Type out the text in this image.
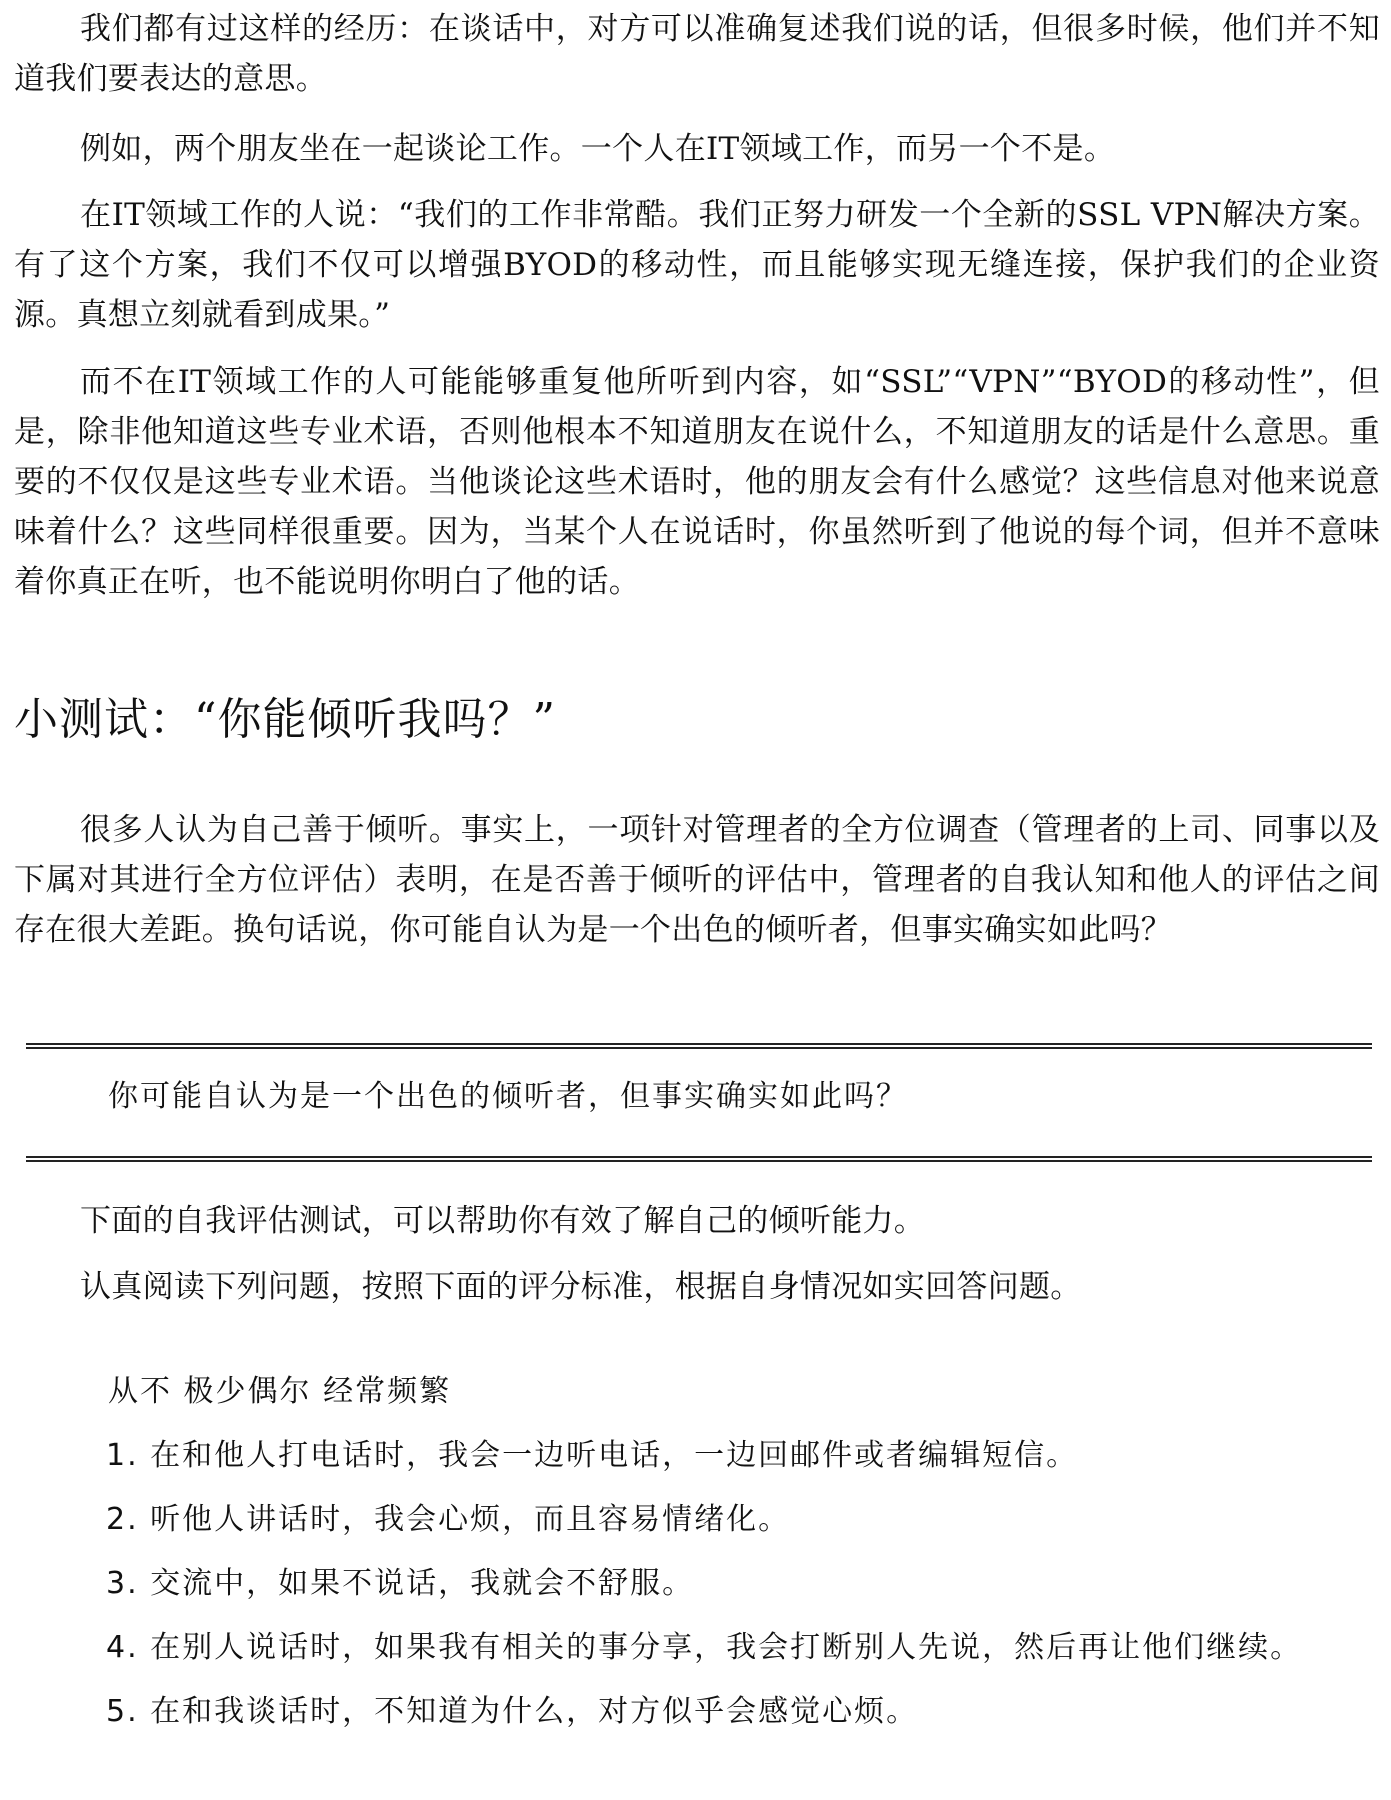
我们都有过这样的经历：在谈话中，对方可以准确复述我们说的话，但很多时候，他们并不知道我们要表达的意思。

例如，两个朋友坐在一起谈论工作。一个人在IT领域工作，而另一个不是。

在IT领域工作的人说：“我们的工作非常酷。我们正努力研发一个全新的SSL VPN解决方案。有了这个方案，我们不仅可以增强BYOD的移动性，而且能够实现无缝连接，保护我们的企业资源。真想立刻就看到成果。”

而不在IT领域工作的人可能能够重复他所听到内容，如“SSL”“VPN”“BYOD的移动性”，但是，除非他知道这些专业术语，否则他根本不知道朋友在说什么，不知道朋友的话是什么意思。重要的不仅仅是这些专业术语。当他谈论这些术语时，他的朋友会有什么感觉？这些信息对他来说意味着什么？这些同样很重要。因为，当某个人在说话时，你虽然听到了他说的每个词，但并不意味着你真正在听，也不能说明你明白了他的话。

小测试：“你能倾听我吗？”

很多人认为自己善于倾听。事实上，一项针对管理者的全方位调查（管理者的上司、同事以及下属对其进行全方位评估）表明，在是否善于倾听的评估中，管理者的自我认知和他人的评估之间存在很大差距。换句话说，你可能自认为是一个出色的倾听者，但事实确实如此吗？

你可能自认为是一个出色的倾听者，但事实确实如此吗？

下面的自我评估测试，可以帮助你有效了解自己的倾听能力。

认真阅读下列问题，按照下面的评分标准，根据自身情况如实回答问题。

从不 极少偶尔 经常频繁

1. 在和他人打电话时，我会一边听电话，一边回邮件或者编辑短信。
2. 听他人讲话时，我会心烦，而且容易情绪化。
3. 交流中，如果不说话，我就会不舒服。
4. 在别人说话时，如果我有相关的事分享，我会打断别人先说，然后再让他们继续。
5. 在和我谈话时，不知道为什么，对方似乎会感觉心烦。
